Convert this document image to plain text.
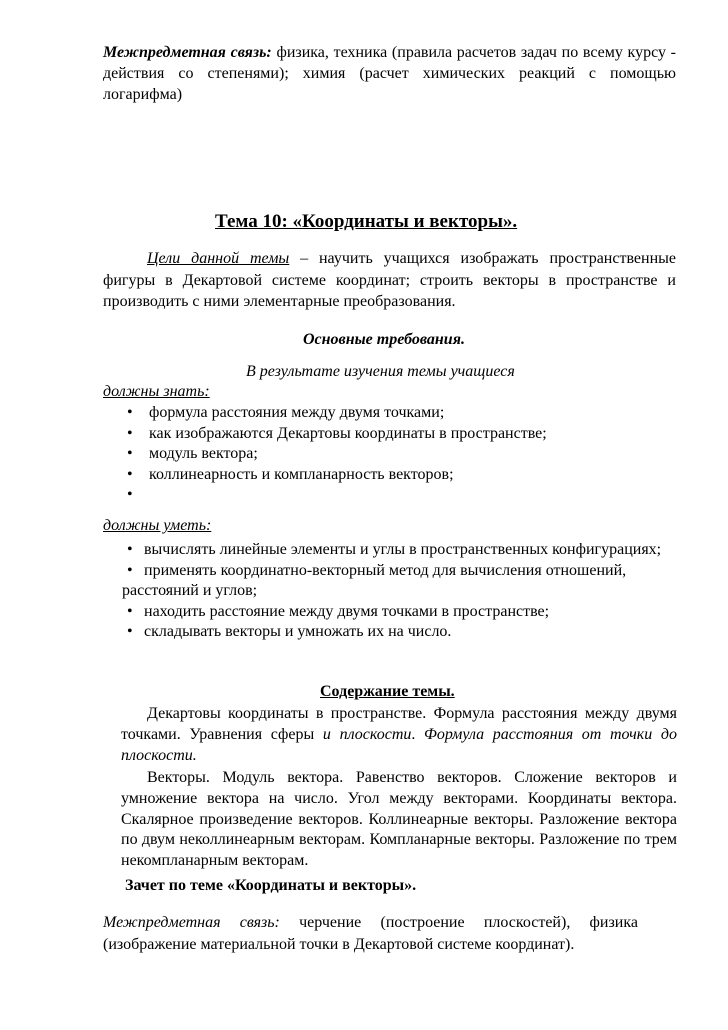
Межпредметная связь: физика, техника (правила расчетов задач по всему курсу - действия со степенями); химия (расчет химических реакций с помощью логарифма)

Тема 10: «Координаты и векторы».

Цели данной темы – научить учащихся изображать пространственные фигуры в Декартовой системе координат; строить векторы в пространстве и производить с ними элементарные преобразования.

Основные требования.

В результате изучения темы учащиеся

должны знать:

• формула расстояния между двумя точками;
• как изображаются Декартовы координаты в пространстве;
• модуль вектора;
• коллинеарность и компланарность векторов;
•

должны уметь:

• вычислять линейные элементы и углы в пространственных конфигурациях;
• применять координатно-векторный метод для вычисления отношений, расстояний и углов;
• находить расстояние между двумя точками в пространстве;
• складывать векторы и умножать их на число.

Содержание темы.

Декартовы координаты в пространстве. Формула расстояния между двумя точками. Уравнения сферы и плоскости. Формула расстояния от точки до плоскости.

Векторы. Модуль вектора. Равенство векторов. Сложение векторов и умножение вектора на число. Угол между векторами. Координаты вектора. Скалярное произведение векторов. Коллинеарные векторы. Разложение вектора по двум неколлинеарным векторам. Компланарные векторы. Разложение по трем некомпланарным векторам.

Зачет по теме «Координаты и векторы».

Межпредметная связь: черчение (построение плоскостей), физика (изображение материальной точки в Декартовой системе координат).
